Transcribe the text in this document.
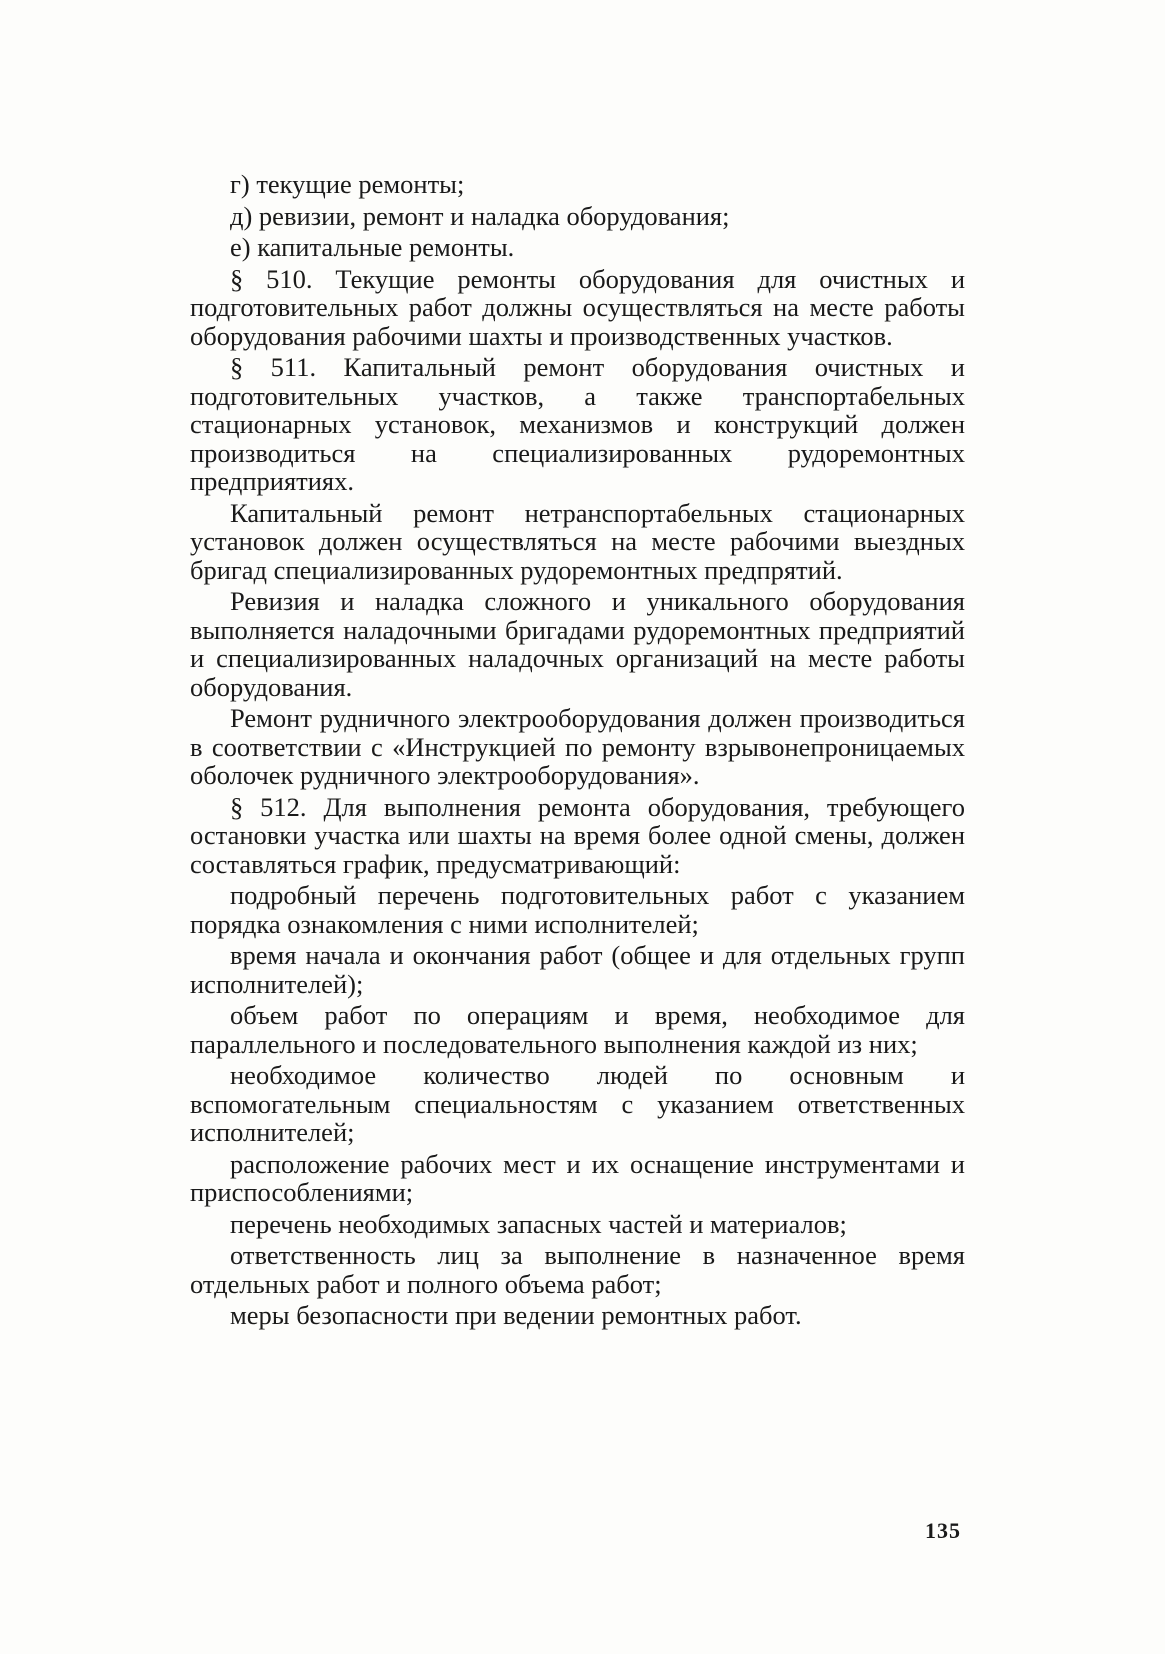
г) текущие ремонты;

д) ревизии, ремонт и наладка оборудования;

е) капитальные ремонты.

§ 510. Текущие ремонты оборудования для очистных и подготовительных работ должны осуществляться на месте работы оборудования рабочими шахты и производственных участков.

§ 511. Капитальный ремонт оборудования очистных и подготовительных участков, а также транспортабельных стационарных установок, механизмов и конструкций должен производиться на специализированных рудоремонтных предприятиях.

Капитальный ремонт нетранспортабельных стационарных установок должен осуществляться на месте рабочими выездных бригад специализированных рудоремонтных предпрятий.

Ревизия и наладка сложного и уникального оборудования выполняется наладочными бригадами рудоремонтных предприятий и специализированных наладочных организаций на месте работы оборудования.

Ремонт рудничного электрооборудования должен производиться в соответствии с «Инструкцией по ремонту взрывонепроницаемых оболочек рудничного электрооборудования».

§ 512. Для выполнения ремонта оборудования, требующего остановки участка или шахты на время более одной смены, должен составляться график, предусматривающий:

подробный перечень подготовительных работ с указанием порядка ознакомления с ними исполнителей;

время начала и окончания работ (общее и для отдельных групп исполнителей);

объем работ по операциям и время, необходимое для параллельного и последовательного выполнения каждой из них;

необходимое количество людей по основным и вспомогательным специальностям с указанием ответственных исполнителей;

расположение рабочих мест и их оснащение инструментами и приспособлениями;

перечень необходимых запасных частей и материалов;

ответственность лиц за выполнение в назначенное время отдельных работ и полного объема работ;

меры безопасности при ведении ремонтных работ.

135
